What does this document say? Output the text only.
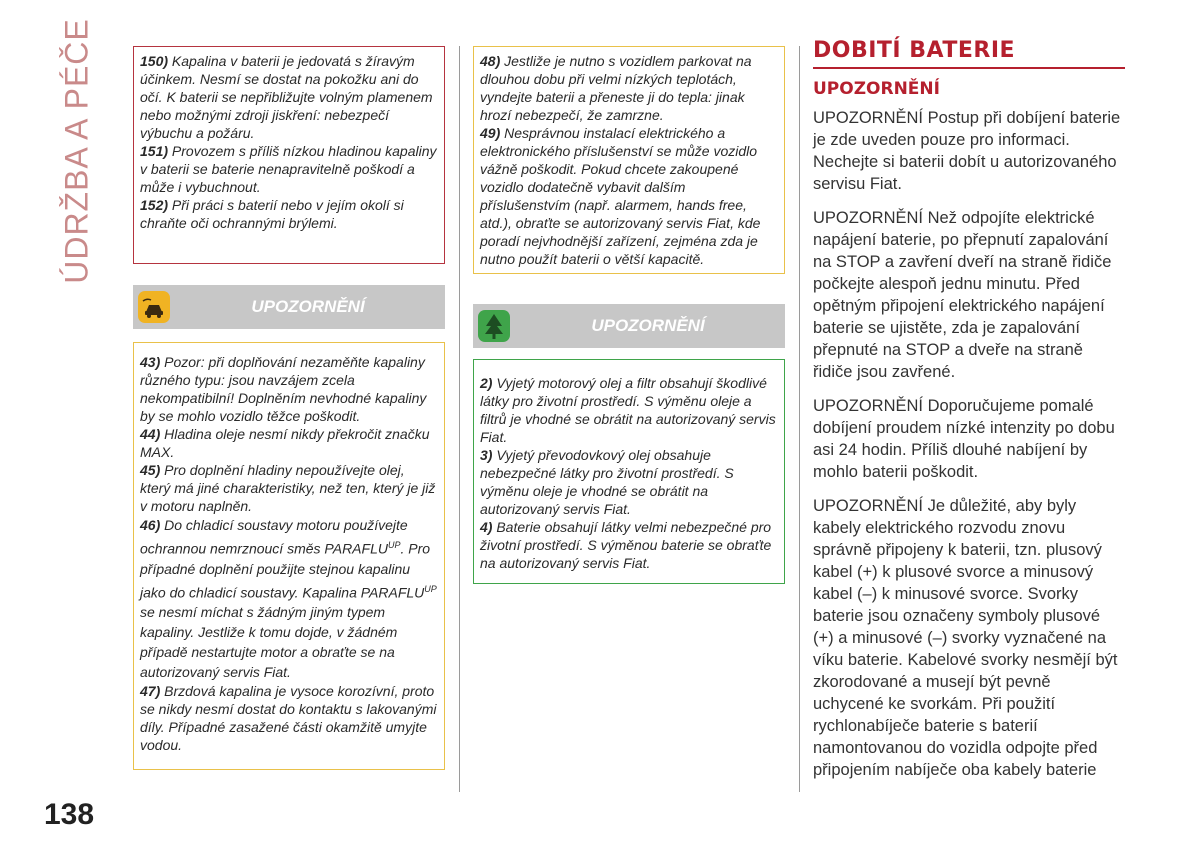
ÚDRŽBA A PÉČE
138

150) Kapalina v baterii je jedovatá s žíravým účinkem. Nesmí se dostat na pokožku ani do očí. K baterii se nepřibližujte volným plamenem nebo možnými zdroji jiskření: nebezpečí výbuchu a požáru.

151) Provozem s příliš nízkou hladinou kapaliny v baterii se baterie nenapravitelně poškodí a může i vybuchnout.

152) Při práci s baterií nebo v jejím okolí si chraňte oči ochrannými brýlemi.

UPOZORNĚNÍ

43) Pozor: při doplňování nezaměňte kapaliny různého typu: jsou navzájem zcela nekompatibilní! Doplněním nevhodné kapaliny by se mohlo vozidlo těžce poškodit.

44) Hladina oleje nesmí nikdy překročit značku MAX.

45) Pro doplnění hladiny nepoužívejte olej, který má jiné charakteristiky, než ten, který je již v motoru naplněn.

46) Do chladicí soustavy motoru používejte ochrannou nemrznoucí směs $PARAFLU^{UP}$. Pro případné doplnění použijte stejnou kapalinu jako do chladicí soustavy. Kapalina $PARAFLU^{UP}$ se nesmí míchat s žádným jiným typem kapaliny. Jestliže k tomu dojde, v žádném případě nestartujte motor a obraťte se na autorizovaný servis Fiat.

47) Brzdová kapalina je vysoce korozívní, proto se nikdy nesmí dostat do kontaktu s lakovanými díly. Případné zasažené části okamžitě umyjte vodou.

48) Jestliže je nutno s vozidlem parkovat na dlouhou dobu při velmi nízkých teplotách, vyndejte baterii a přeneste ji do tepla: jinak hrozí nebezpečí, že zamrzne.

49) Nesprávnou instalací elektrického a elektronického příslušenství se může vozidlo vážně poškodit. Pokud chcete zakoupené vozidlo dodatečně vybavit dalším příslušenstvím (např. alarmem, hands free, atd.), obraťte se autorizovaný servis Fiat, kde poradí nejvhodnější zařízení, zejména zda je nutno použít baterii o větší kapacitě.

UPOZORNĚNÍ

2) Vyjetý motorový olej a filtr obsahují škodlivé látky pro životní prostředí. S výměnu oleje a filtrů je vhodné se obrátit na autorizovaný servis Fiat.

3) Vyjetý převodovkový olej obsahuje nebezpečné látky pro životní prostředí. S výměnu oleje je vhodné se obrátit na autorizovaný servis Fiat.

4) Baterie obsahují látky velmi nebezpečné pro životní prostředí. S výměnou baterie se obraťte na autorizovaný servis Fiat.

DOBITÍ BATERIE
UPOZORNĚNÍ

UPOZORNĚNÍ Postup při dobíjení baterie je zde uveden pouze pro informaci. Nechejte si baterii dobít u autorizovaného servisu Fiat.

UPOZORNĚNÍ Než odpojíte elektrické napájení baterie, po přepnutí zapalování na STOP a zavření dveří na straně řidiče počkejte alespoň jednu minutu. Před opětným připojení elektrického napájení baterie se ujistěte, zda je zapalování přepnuté na STOP a dveře na straně řidiče jsou zavřené.

UPOZORNĚNÍ Doporučujeme pomalé dobíjení proudem nízké intenzity po dobu asi 24 hodin. Příliš dlouhé nabíjení by mohlo baterii poškodit.

UPOZORNĚNÍ Je důležité, aby byly kabely elektrického rozvodu znovu správně připojeny k baterii, tzn. plusový kabel (+) k plusové svorce a minusový kabel (–) k minusové svorce. Svorky baterie jsou označeny symboly plusové (+) a minusové (–) svorky vyznačené na víku baterie. Kabelové svorky nesmějí být zkorodované a musejí být pevně uchycené ke svorkám. Při použití rychlonabíječe baterie s baterií namontovanou do vozidla odpojte před připojením nabíječe oba kabely baterie
